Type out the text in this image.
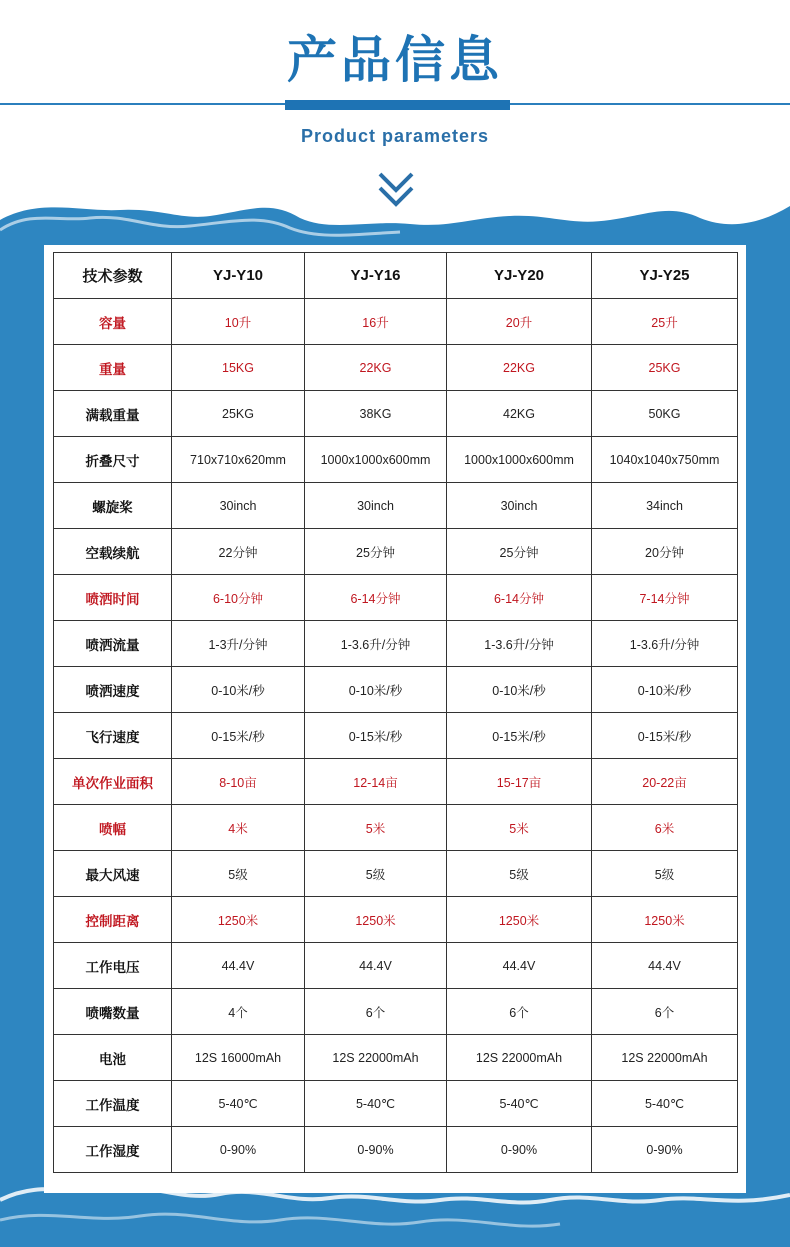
产品信息
Product parameters
技术参数	YJ-Y10	YJ-Y16	YJ-Y20	YJ-Y25
容量	10升	16升	20升	25升
重量	15KG	22KG	22KG	25KG
满载重量	25KG	38KG	42KG	50KG
折叠尺寸	710x710x620mm	1000x1000x600mm	1000x1000x600mm	1040x1040x750mm
螺旋桨	30inch	30inch	30inch	34inch
空载续航	22分钟	25分钟	25分钟	20分钟
喷洒时间	6-10分钟	6-14分钟	6-14分钟	7-14分钟
喷洒流量	1-3升/分钟	1-3.6升/分钟	1-3.6升/分钟	1-3.6升/分钟
喷洒速度	0-10米/秒	0-10米/秒	0-10米/秒	0-10米/秒
飞行速度	0-15米/秒	0-15米/秒	0-15米/秒	0-15米/秒
单次作业面积	8-10亩	12-14亩	15-17亩	20-22亩
喷幅	4米	5米	5米	6米
最大风速	5级	5级	5级	5级
控制距离	1250米	1250米	1250米	1250米
工作电压	44.4V	44.4V	44.4V	44.4V
喷嘴数量	4个	6个	6个	6个
电池	12S 16000mAh	12S 22000mAh	12S 22000mAh	12S 22000mAh
工作温度	5-40℃	5-40℃	5-40℃	5-40℃
工作湿度	0-90%	0-90%	0-90%	0-90%
